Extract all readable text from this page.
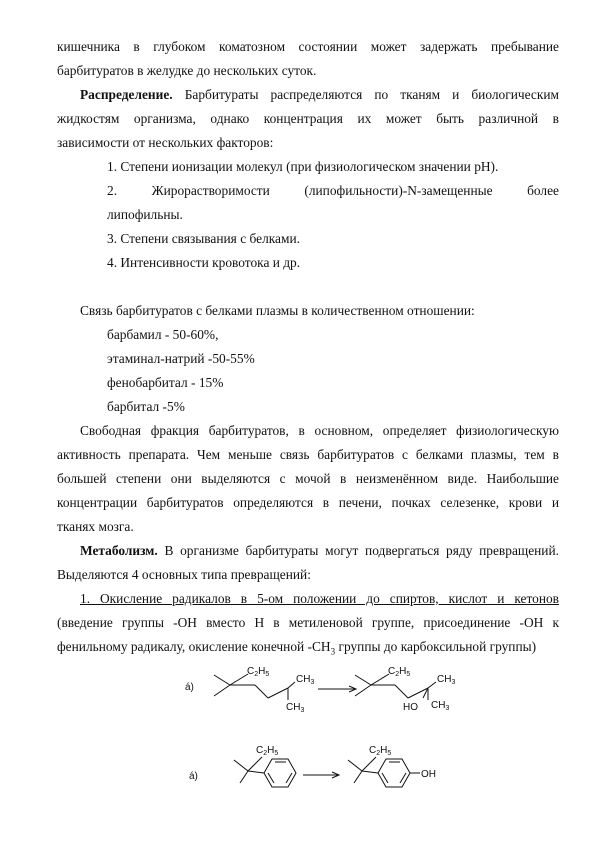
кишечника в глубоком коматозном состоянии может задержать пребывание
барбитуратов в желудке до нескольких суток.
Распределение. Барбитураты распределяются по тканям и биологическим
жидкостям организма, однако концентрация их может быть различной в
зависимости от нескольких факторов:
1. Степени ионизации молекул (при физиологическом значении pH).
2. Жирорастворимости (липофильности)-N-замещенные более
липофильны.
3. Степени связывания с белками.
4. Интенсивности кровотока и др.
Связь барбитуратов с белками плазмы в количественном отношении:
барбамил - 50-60%,
этаминал-натрий -50-55%
фенобарбитал - 15%
барбитал -5%
Свободная фракция барбитуратов, в основном, определяет физиологическую
активность препарата. Чем меньше связь барбитуратов с белками плазмы, тем в
большей степени они выделяются с мочой в неизменённом виде. Наибольшие
концентрации барбитуратов определяются в печени, почках селезенке, крови и
тканях мозга.
Метаболизм. В организме барбитураты могут подвергаться ряду превращений.
Выделяются 4 основных типа превращений:
1. Окисление радикалов в 5-ом положении до спиртов, кислот и кетонов
(введение группы -OH вместо H в метиленовой группе, присоединение -OH к
фенильному радикалу, окисление конечной $-CH_3$ группы до карбоксильной группы)
á)
$C_2H_5$	$CH_3$
$CH_3$
$C_2H_5$	$CH_3$
HO $CH_3$
á)
$C_2H_5$	$C_2H_5$
OH
